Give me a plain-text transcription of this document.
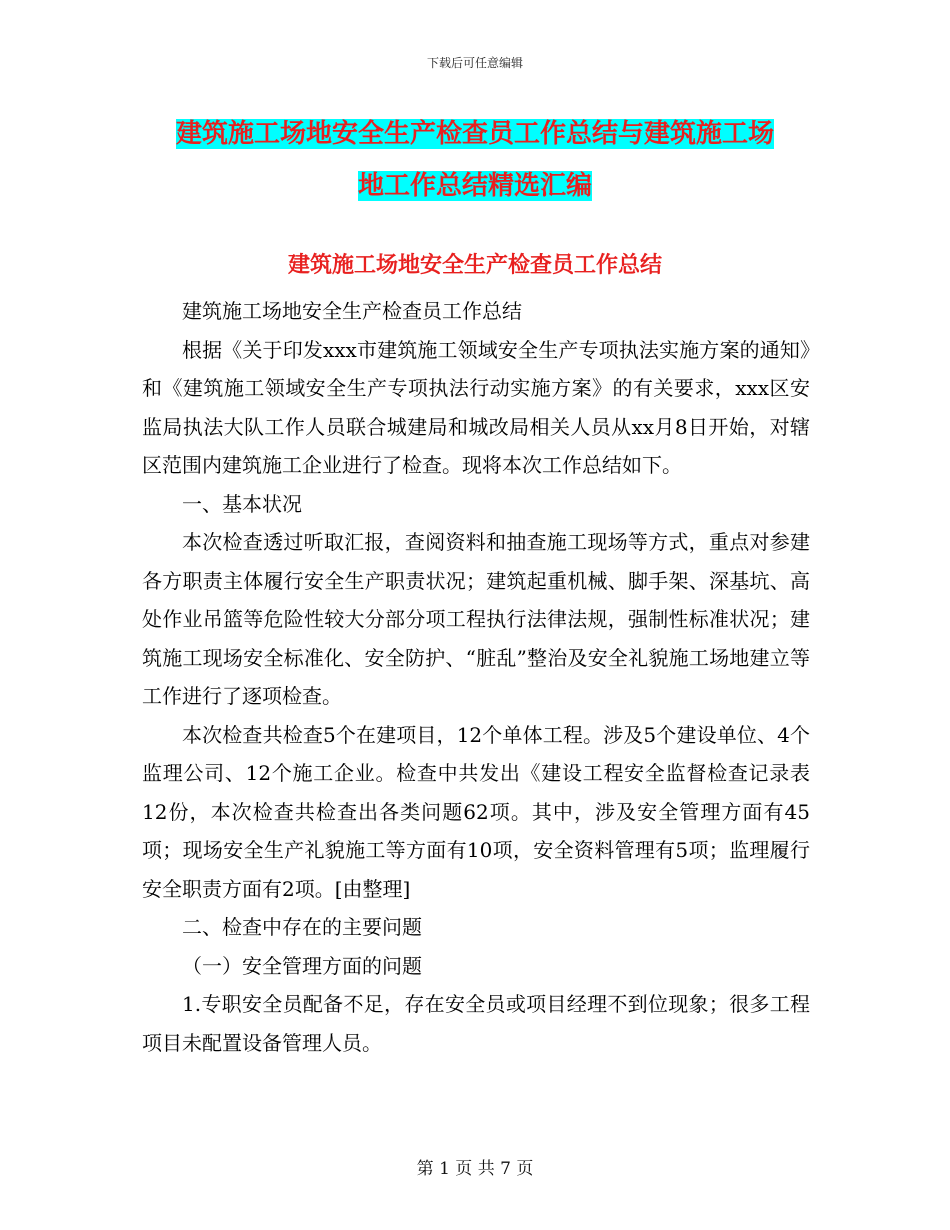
下载后可任意编辑
建筑施工场地安全生产检查员工作总结与建筑施工场
地工作总结精选汇编
建筑施工场地安全生产检查员工作总结

建筑施工场地安全生产检查员工作总结

根据《关于印发xxx市建筑施工领域安全生产专项执法实施方案的通知》和《建筑施工领域安全生产专项执法行动实施方案》的有关要求，xxx区安监局执法大队工作人员联合城建局和城改局相关人员从xx月8日开始，对辖区范围内建筑施工企业进行了检查。现将本次工作总结如下。

一、基本状况

本次检查透过听取汇报，查阅资料和抽查施工现场等方式，重点对参建各方职责主体履行安全生产职责状况；建筑起重机械、脚手架、深基坑、高处作业吊篮等危险性较大分部分项工程执行法律法规，强制性标准状况；建筑施工现场安全标准化、安全防护、“脏乱”整治及安全礼貌施工场地建立等工作进行了逐项检查。

本次检查共检查5个在建项目，12个单体工程。涉及5个建设单位、4个监理公司、12个施工企业。检查中共发出《建设工程安全监督检查记录表12份，本次检查共检查出各类问题62项。其中，涉及安全管理方面有45项；现场安全生产礼貌施工等方面有10项，安全资料管理有5项；监理履行安全职责方面有2项。[由整理]

二、检查中存在的主要问题

（一）安全管理方面的问题

1.专职安全员配备不足，存在安全员或项目经理不到位现象；很多工程项目未配置设备管理人员。

第 1 页 共 7 页
